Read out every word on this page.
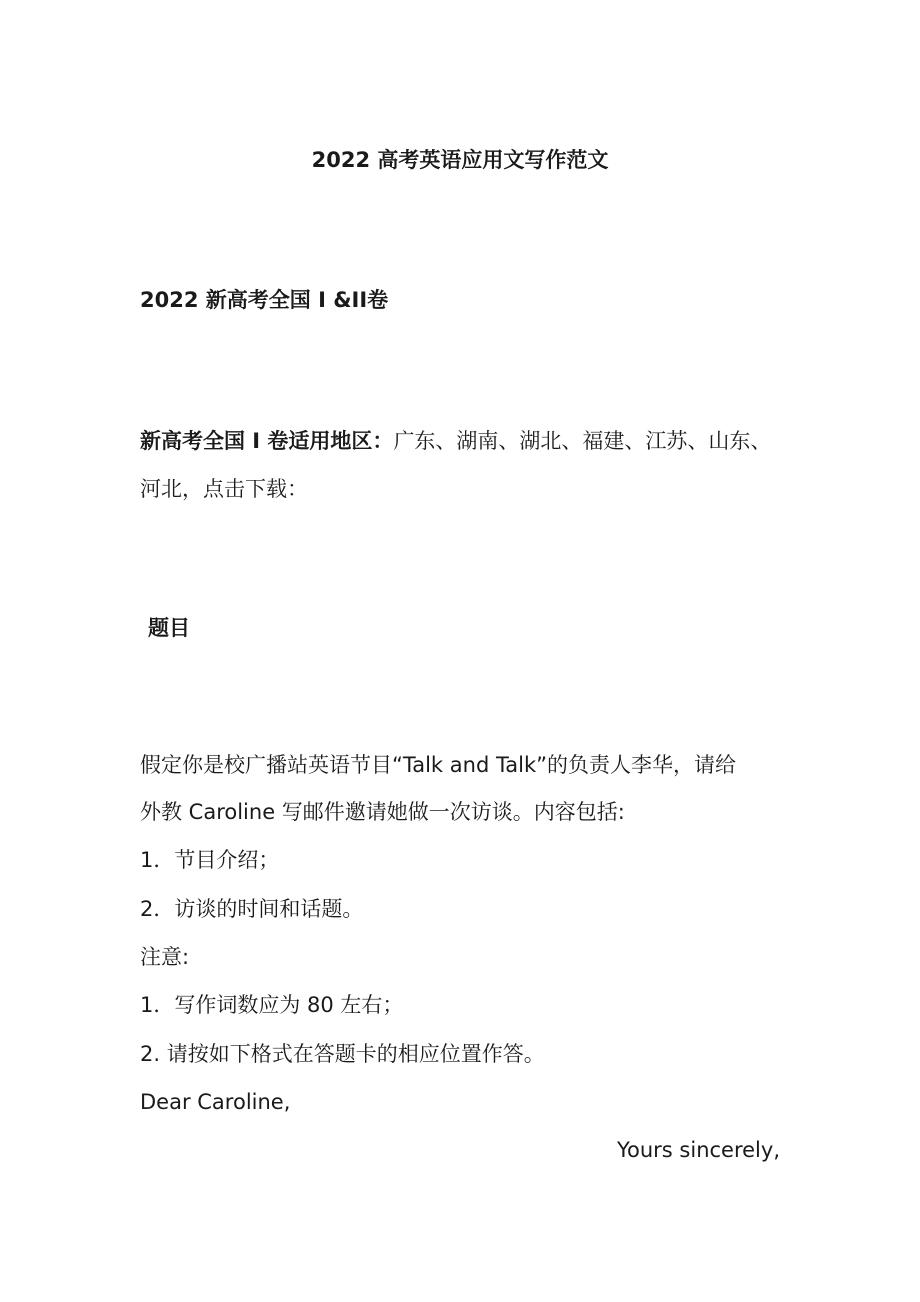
2022 高考英语应用文写作范文
2022 新高考全国 I &II卷
新高考全国 I 卷适用地区：广东、湖南、湖北、福建、江苏、山东、
河北，点击下载：
题目
假定你是校广播站英语节目“Talk and Talk”的负责人李华，请给
外教 Caroline 写邮件邀请她做一次访谈。内容包括:
1．节目介绍；
2．访谈的时间和话题。
注意:
1．写作词数应为 80 左右；
2. 请按如下格式在答题卡的相应位置作答。
Dear Caroline,
Yours sincerely,
